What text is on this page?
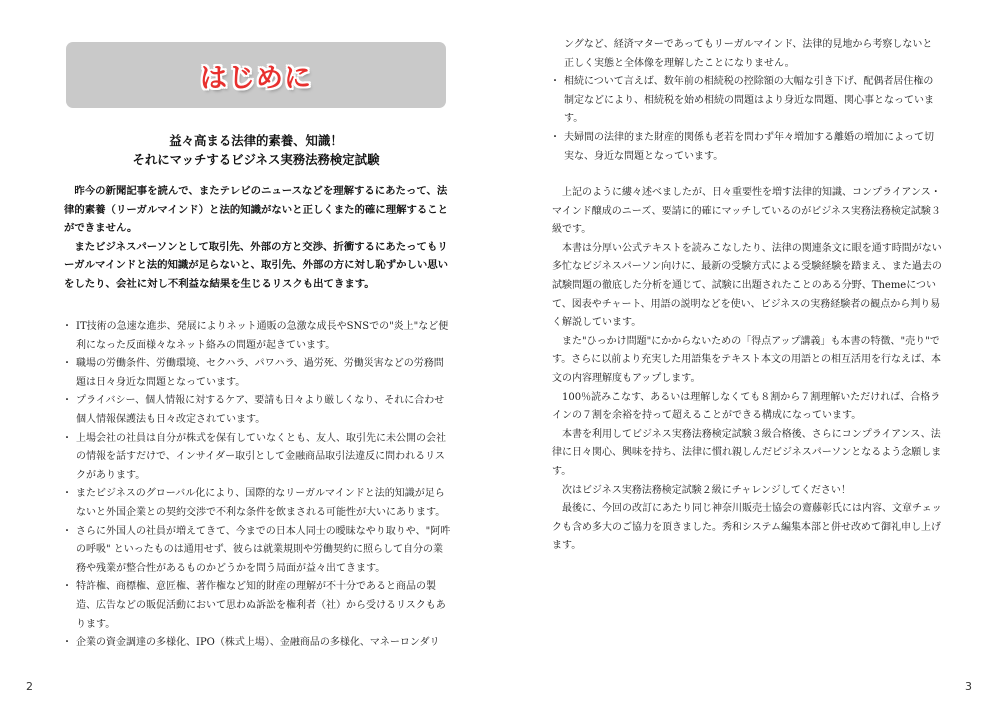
はじめに
益々高まる法律的素養、知識！
それにマッチするビジネス実務法務検定試験

昨今の新聞記事を読んで、またテレビのニュースなどを理解するにあたって、法律的素養（リーガルマインド）と法的知識がないと正しくまた的確に理解することができません。

またビジネスパーソンとして取引先、外部の方と交渉、折衝するにあたってもリーガルマインドと法的知識が足らないと、取引先、外部の方に対し恥ずかしい思いをしたり、会社に対し不利益な結果を生じるリスクも出てきます。

・ IT技術の急速な進歩、発展によりネット通販の急激な成長やSNSでの"炎上"など便利になった反面様々なネット絡みの問題が起きています。
・ 職場の労働条件、労働環境、セクハラ、パワハラ、過労死、労働災害などの労務問題は日々身近な問題となっています。
・ プライバシー、個人情報に対するケア、要請も日々より厳しくなり、それに合わせ個人情報保護法も日々改定されています。
・ 上場会社の社員は自分が株式を保有していなくとも、友人、取引先に未公開の会社の情報を話すだけで、インサイダー取引として金融商品取引法違反に問われるリスクがあります。
・ またビジネスのグローバル化により、国際的なリーガルマインドと法的知識が足らないと外国企業との契約交渉で不利な条件を飲まされる可能性が大いにあります。
・ さらに外国人の社員が増えてきて、今までの日本人同士の曖昧なやり取りや、"阿吽の呼吸" といったものは通用せず、彼らは就業規則や労働契約に照らして自分の業務や残業が整合性があるものかどうかを問う局面が益々出てきます。
・ 特許権、商標権、意匠権、著作権など知的財産の理解が不十分であると商品の製造、広告などの販促活動において思わぬ訴訟を権利者（社）から受けるリスクもあります。
・ 企業の資金調達の多様化、IPO（株式上場）、金融商品の多様化、マネーロンダリ
2
ングなど、経済マターであってもリーガルマインド、法律的見地から考察しないと正しく実態と全体像を理解したことになりません。
・ 相続について言えば、数年前の相続税の控除額の大幅な引き下げ、配偶者居住権の制定などにより、相続税を始め相続の問題はより身近な問題、関心事となっています。
・ 夫婦間の法律的また財産的関係も老若を問わず年々増加する離婚の増加によって切実な、身近な問題となっています。

上記のように縷々述べましたが、日々重要性を増す法律的知識、コンプライアンス・マインド醸成のニーズ、要請に的確にマッチしているのがビジネス実務法務検定試験３級です。

本書は分厚い公式テキストを読みこなしたり、法律の関連条文に眼を通す時間がない多忙なビジネスパーソン向けに、最新の受験方式による受験経験を踏まえ、また過去の試験問題の徹底した分析を通じて、試験に出題されたことのある分野、Themeについて、図表やチャート、用語の説明などを使い、ビジネスの実務経験者の観点から判り易く解説しています。

また"ひっかけ問題"にかからないための「得点アップ講義」も本書の特徴、"売り"です。さらに以前より充実した用語集をテキスト本文の用語との相互活用を行なえば、本文の内容理解度もアップします。

100％読みこなす、あるいは理解しなくても８割から７割理解いただければ、合格ラインの７割を余裕を持って超えることができる構成になっています。

本書を利用してビジネス実務法務検定試験３級合格後、さらにコンプライアンス、法律に日々関心、興味を持ち、法律に慣れ親しんだビジネスパーソンとなるよう念願します。

次はビジネス実務法務検定試験２級にチャレンジしてください！

最後に、今回の改訂にあたり同じ神奈川販売士協会の齋藤彰氏には内容、文章チェックも含め多大のご協力を頂きました。秀和システム編集本部と併せ改めて御礼申し上げます。

3
